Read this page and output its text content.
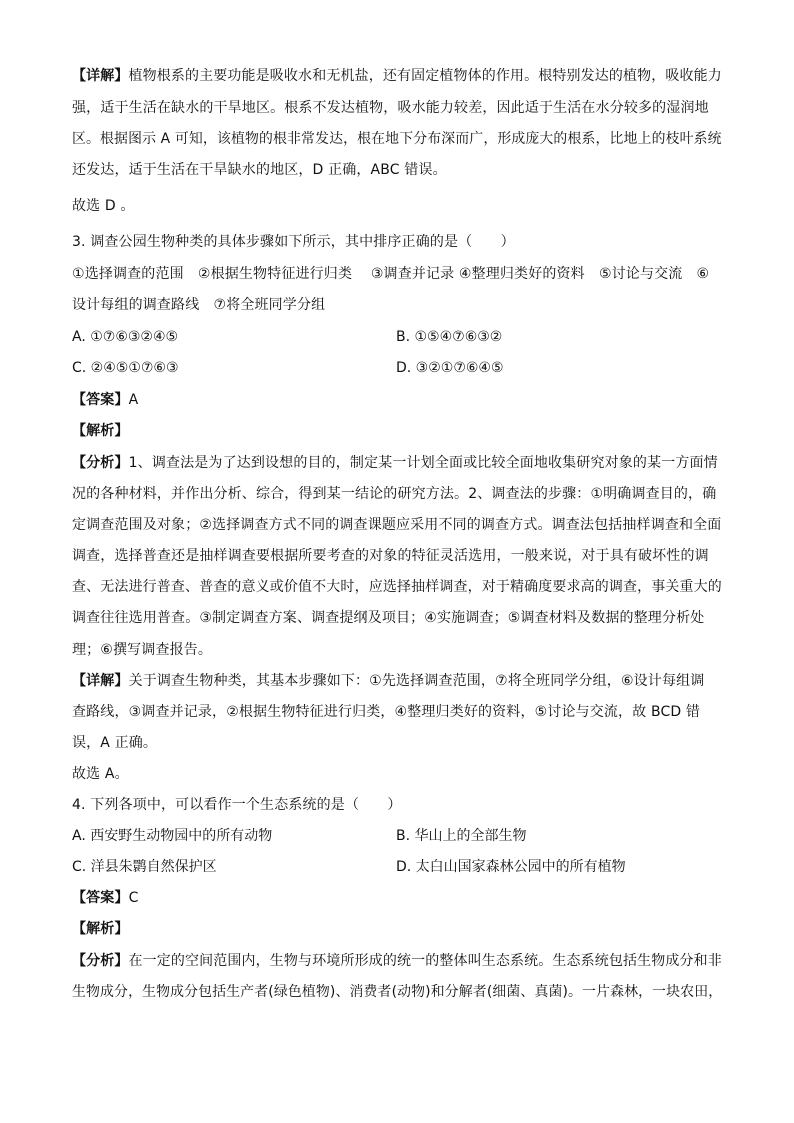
【详解】植物根系的主要功能是吸收水和无机盐，还有固定植物体的作用。根特别发达的植物，吸收能力
强，适于生活在缺水的干旱地区。根系不发达植物，吸水能力较差，因此适于生活在水分较多的湿润地
区。根据图示 A 可知，该植物的根非常发达，根在地下分布深而广，形成庞大的根系，比地上的枝叶系统
还发达，适于生活在干旱缺水的地区，D 正确，ABC 错误。
故选 D 。
3. 调查公园生物种类的具体步骤如下所示，其中排序正确的是（　　）
①选择调查的范围　②根据生物特征进行归类　 ③调查并记录 ④整理归类好的资料　⑤讨论与交流　⑥
设计每组的调查路线　⑦将全班同学分组
A. ①⑦⑥③②④⑤	B. ①⑤④⑦⑥③②
C. ②④⑤①⑦⑥③	D. ③②①⑦⑥④⑤
【答案】A
【解析】
【分析】1、调查法是为了达到设想的目的，制定某一计划全面或比较全面地收集研究对象的某一方面情
况的各种材料，并作出分析、综合，得到某一结论的研究方法。2、调查法的步骤：①明确调查目的，确
定调查范围及对象；②选择调查方式不同的调查课题应采用不同的调查方式。调查法包括抽样调查和全面
调查，选择普查还是抽样调查要根据所要考查的对象的特征灵活选用，一般来说，对于具有破坏性的调
查、无法进行普查、普查的意义或价值不大时，应选择抽样调查，对于精确度要求高的调查，事关重大的
调查往往选用普查。③制定调查方案、调查提纲及项目；④实施调查；⑤调查材料及数据的整理分析处
理；⑥撰写调查报告。
【详解】关于调查生物种类，其基本步骤如下：①先选择调查范围，⑦将全班同学分组，⑥设计每组调
查路线，③调查并记录，②根据生物特征进行归类，④整理归类好的资料，⑤讨论与交流，故 BCD 错
误，A 正确。
故选 A。
4. 下列各项中，可以看作一个生态系统的是（　　）
A. 西安野生动物园中的所有动物	B. 华山上的全部生物
C. 洋县朱鹮自然保护区	D. 太白山国家森林公园中的所有植物
【答案】C
【解析】
【分析】在一定的空间范围内，生物与环境所形成的统一的整体叫生态系统。生态系统包括生物成分和非
生物成分，生物成分包括生产者(绿色植物)、消费者(动物)和分解者(细菌、真菌)。一片森林，一块农田，
